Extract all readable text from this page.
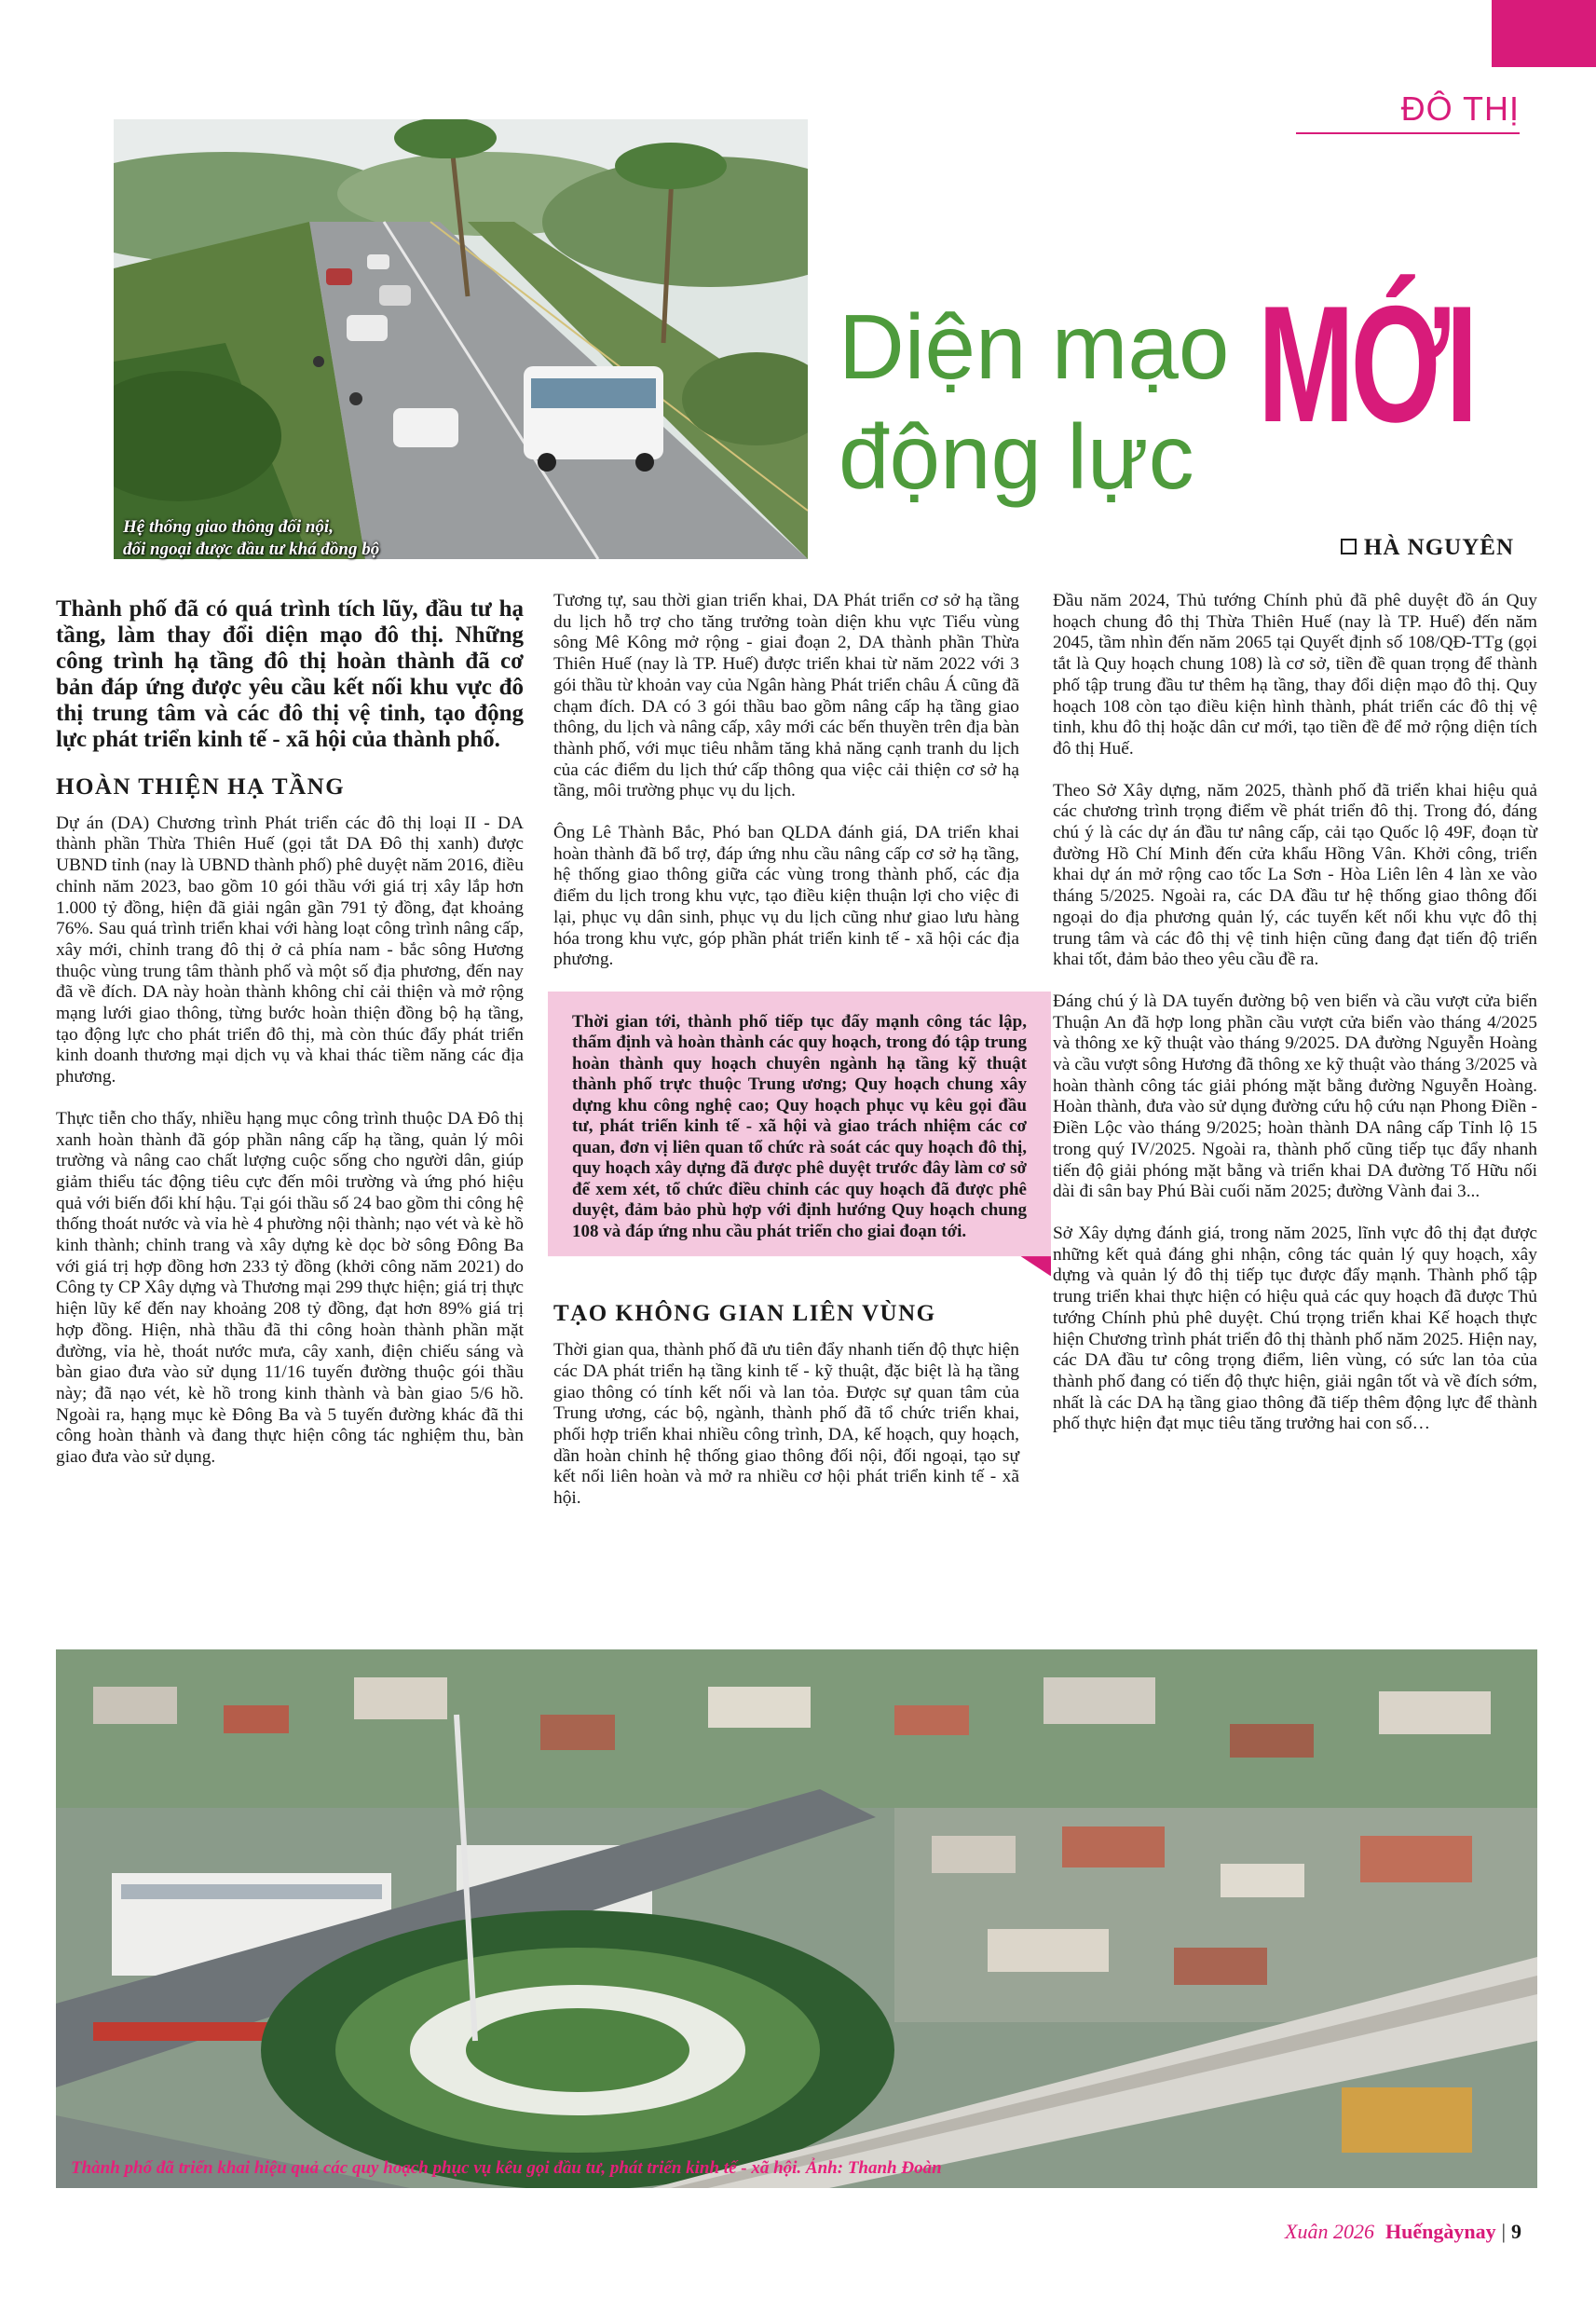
ĐÔ THỊ
Hệ thống giao thông đối nội,
đối ngoại được đầu tư khá đồng bộ
Diện mạo
động lực MỚI
HÀ NGUYÊN
Thành phố đã có quá trình tích lũy, đầu tư hạ tầng, làm thay đổi diện mạo đô thị. Những công trình hạ tầng đô thị hoàn thành đã cơ bản đáp ứng được yêu cầu kết nối khu vực đô thị trung tâm và các đô thị vệ tinh, tạo động lực phát triển kinh tế - xã hội của thành phố.
HOÀN THIỆN HẠ TẦNG

Dự án (DA) Chương trình Phát triển các đô thị loại II - DA thành phần Thừa Thiên Huế (gọi tắt DA Đô thị xanh) được UBND tỉnh (nay là UBND thành phố) phê duyệt năm 2016, điều chỉnh năm 2023, bao gồm 10 gói thầu với giá trị xây lắp hơn 1.000 tỷ đồng, hiện đã giải ngân gần 791 tỷ đồng, đạt khoảng 76%. Sau quá trình triển khai với hàng loạt công trình nâng cấp, xây mới, chỉnh trang đô thị ở cả phía nam - bắc sông Hương thuộc vùng trung tâm thành phố và một số địa phương, đến nay đã về đích. DA này hoàn thành không chỉ cải thiện và mở rộng mạng lưới giao thông, từng bước hoàn thiện đồng bộ hạ tầng, tạo động lực cho phát triển đô thị, mà còn thúc đẩy phát triển kinh doanh thương mại dịch vụ và khai thác tiềm năng các địa phương.

Thực tiễn cho thấy, nhiều hạng mục công trình thuộc DA Đô thị xanh hoàn thành đã góp phần nâng cấp hạ tầng, quản lý môi trường và nâng cao chất lượng cuộc sống cho người dân, giúp giảm thiểu tác động tiêu cực đến môi trường và ứng phó hiệu quả với biến đổi khí hậu. Tại gói thầu số 24 bao gồm thi công hệ thống thoát nước và vỉa hè 4 phường nội thành; nạo vét và kè hồ kinh thành; chỉnh trang và xây dựng kè dọc bờ sông Đông Ba với giá trị hợp đồng hơn 233 tỷ đồng (khởi công năm 2021) do Công ty CP Xây dựng và Thương mại 299 thực hiện; giá trị thực hiện lũy kế đến nay khoảng 208 tỷ đồng, đạt hơn 89% giá trị hợp đồng. Hiện, nhà thầu đã thi công hoàn thành phần mặt đường, vỉa hè, thoát nước mưa, cây xanh, điện chiếu sáng và bàn giao đưa vào sử dụng 11/16 tuyến đường thuộc gói thầu này; đã nạo vét, kè hồ trong kinh thành và bàn giao 5/6 hồ. Ngoài ra, hạng mục kè Đông Ba và 5 tuyến đường khác đã thi công hoàn thành và đang thực hiện công tác nghiệm thu, bàn giao đưa vào sử dụng.

Tương tự, sau thời gian triển khai, DA Phát triển cơ sở hạ tầng du lịch hỗ trợ cho tăng trưởng toàn diện khu vực Tiểu vùng sông Mê Kông mở rộng - giai đoạn 2, DA thành phần Thừa Thiên Huế (nay là TP. Huế) được triển khai từ năm 2022 với 3 gói thầu từ khoản vay của Ngân hàng Phát triển châu Á cũng đã chạm đích. DA có 3 gói thầu bao gồm nâng cấp hạ tầng giao thông, du lịch và nâng cấp, xây mới các bến thuyền trên địa bàn thành phố, với mục tiêu nhằm tăng khả năng cạnh tranh du lịch của các điểm du lịch thứ cấp thông qua việc cải thiện cơ sở hạ tầng, môi trường phục vụ du lịch.

Ông Lê Thành Bắc, Phó ban QLDA đánh giá, DA triển khai hoàn thành đã bổ trợ, đáp ứng nhu cầu nâng cấp cơ sở hạ tầng, hệ thống giao thông giữa các vùng trong thành phố, các địa điểm du lịch trong khu vực, tạo điều kiện thuận lợi cho việc đi lại, phục vụ dân sinh, phục vụ du lịch cũng như giao lưu hàng hóa trong khu vực, góp phần phát triển kinh tế - xã hội các địa phương.

Thời gian tới, thành phố tiếp tục đẩy mạnh công tác lập, thẩm định và hoàn thành các quy hoạch, trong đó tập trung hoàn thành quy hoạch chuyên ngành hạ tầng kỹ thuật thành phố trực thuộc Trung ương; Quy hoạch chung xây dựng khu công nghệ cao; Quy hoạch phục vụ kêu gọi đầu tư, phát triển kinh tế - xã hội và giao trách nhiệm các cơ quan, đơn vị liên quan tổ chức rà soát các quy hoạch đô thị, quy hoạch xây dựng đã được phê duyệt trước đây làm cơ sở để xem xét, tổ chức điều chỉnh các quy hoạch đã được phê duyệt, đảm bảo phù hợp với định hướng Quy hoạch chung 108 và đáp ứng nhu cầu phát triển cho giai đoạn tới.
TẠO KHÔNG GIAN LIÊN VÙNG

Thời gian qua, thành phố đã ưu tiên đẩy nhanh tiến độ thực hiện các DA phát triển hạ tầng kinh tế - kỹ thuật, đặc biệt là hạ tầng giao thông có tính kết nối và lan tỏa. Được sự quan tâm của Trung ương, các bộ, ngành, thành phố đã tổ chức triển khai, phối hợp triển khai nhiều công trình, DA, kế hoạch, quy hoạch, dần hoàn chỉnh hệ thống giao thông đối nội, đối ngoại, tạo sự kết nối liên hoàn và mở ra nhiều cơ hội phát triển kinh tế - xã hội.

Đầu năm 2024, Thủ tướng Chính phủ đã phê duyệt đồ án Quy hoạch chung đô thị Thừa Thiên Huế (nay là TP. Huế) đến năm 2045, tầm nhìn đến năm 2065 tại Quyết định số 108/QĐ-TTg (gọi tắt là Quy hoạch chung 108) là cơ sở, tiền đề quan trọng để thành phố tập trung đầu tư thêm hạ tầng, thay đổi diện mạo đô thị. Quy hoạch 108 còn tạo điều kiện hình thành, phát triển các đô thị vệ tinh, khu đô thị hoặc dân cư mới, tạo tiền đề để mở rộng diện tích đô thị Huế.

Theo Sở Xây dựng, năm 2025, thành phố đã triển khai hiệu quả các chương trình trọng điểm về phát triển đô thị. Trong đó, đáng chú ý là các dự án đầu tư nâng cấp, cải tạo Quốc lộ 49F, đoạn từ đường Hồ Chí Minh đến cửa khẩu Hồng Vân. Khởi công, triển khai dự án mở rộng cao tốc La Sơn - Hòa Liên lên 4 làn xe vào tháng 5/2025. Ngoài ra, các DA đầu tư hệ thống giao thông đối ngoại do địa phương quản lý, các tuyến kết nối khu vực đô thị trung tâm và các đô thị vệ tinh hiện cũng đang đạt tiến độ triển khai tốt, đảm bảo theo yêu cầu đề ra.

Đáng chú ý là DA tuyến đường bộ ven biển và cầu vượt cửa biển Thuận An đã hợp long phần cầu vượt cửa biển vào tháng 4/2025 và thông xe kỹ thuật vào tháng 9/2025. DA đường Nguyễn Hoàng và cầu vượt sông Hương đã thông xe kỹ thuật vào tháng 3/2025 và hoàn thành công tác giải phóng mặt bằng đường Nguyễn Hoàng. Hoàn thành, đưa vào sử dụng đường cứu hộ cứu nạn Phong Điền - Điền Lộc vào tháng 9/2025; hoàn thành DA nâng cấp Tỉnh lộ 15 trong quý IV/2025. Ngoài ra, thành phố cũng tiếp tục đẩy nhanh tiến độ giải phóng mặt bằng và triển khai DA đường Tố Hữu nối dài đi sân bay Phú Bài cuối năm 2025; đường Vành đai 3...

Sở Xây dựng đánh giá, trong năm 2025, lĩnh vực đô thị đạt được những kết quả đáng ghi nhận, công tác quản lý quy hoạch, xây dựng và quản lý đô thị tiếp tục được đẩy mạnh. Thành phố tập trung triển khai thực hiện có hiệu quả các quy hoạch đã được Thủ tướng Chính phủ phê duyệt. Chú trọng triển khai Kế hoạch thực hiện Chương trình phát triển đô thị thành phố năm 2025. Hiện nay, các DA đầu tư công trọng điểm, liên vùng, có sức lan tỏa của thành phố đang có tiến độ thực hiện, giải ngân tốt và về đích sớm, nhất là các DA hạ tầng giao thông đã tiếp thêm động lực để thành phố thực hiện đạt mục tiêu tăng trưởng hai con số…

Thành phố đã triển khai hiệu quả các quy hoạch phục vụ kêu gọi đầu tư, phát triển kinh tế - xã hội. Ảnh: Thanh Đoàn
Xuân 2026 Huếngàynay | 9
